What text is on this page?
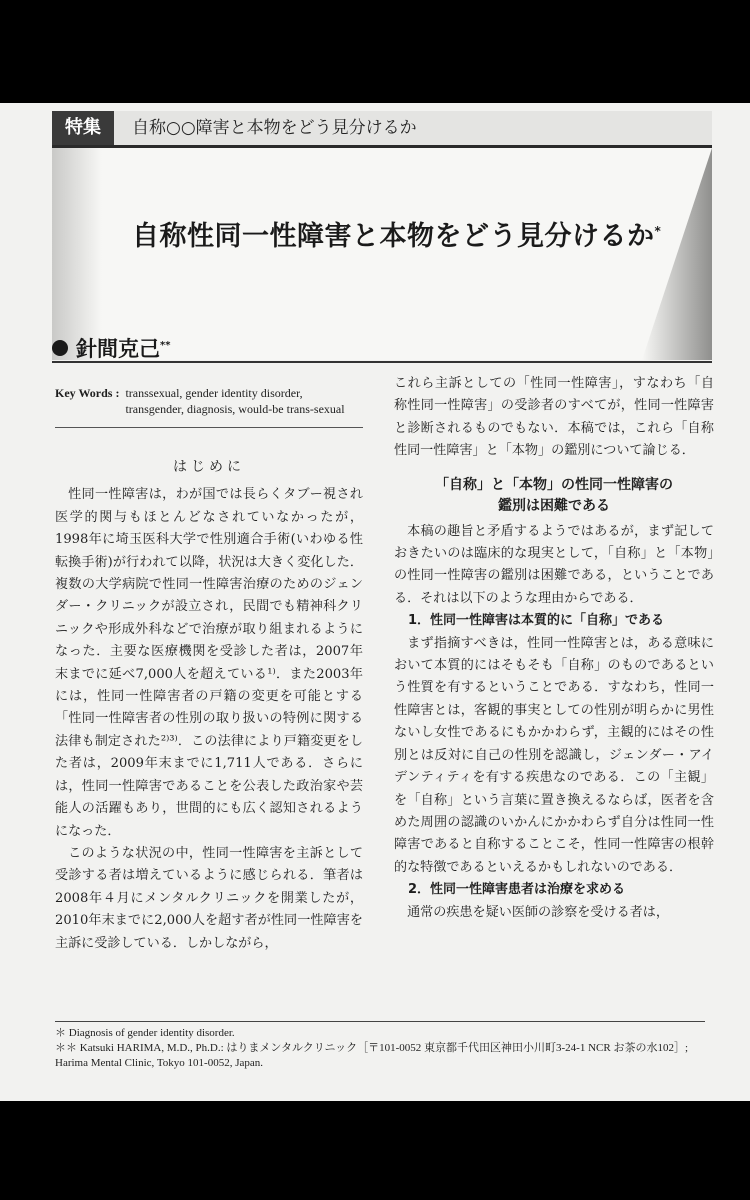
特集	自称○○障害と本物をどう見分けるか
自称性同一性障害と本物をどう見分けるか*
針間克己**
Key Words : transsexual, gender identity disorder, transgender, diagnosis, would-be trans-sexual
はじめに

性同一性障害は，わが国では長らくタブー視され医学的関与もほとんどなされていなかったが，1998年に埼玉医科大学で性別適合手術(いわゆる性転換手術)が行われて以降，状況は大きく変化した．複数の大学病院で性同一性障害治療のためのジェンダー・クリニックが設立され，民間でも精神科クリニックや形成外科などで治療が取り組まれるようになった．主要な医療機関を受診した者は，2007年末までに延べ7,000人を超えている¹⁾．また2003年には，性同一性障害者の戸籍の変更を可能とする「性同一性障害者の性別の取り扱いの特例に関する法律も制定された²⁾³⁾．この法律により戸籍変更をした者は，2009年末までに1,711人である．さらには，性同一性障害であることを公表した政治家や芸能人の活躍もあり，世間的にも広く認知されるようになった．

このような状況の中，性同一性障害を主訴として受診する者は増えているように感じられる．筆者は2008年４月にメンタルクリニックを開業したが，2010年末までに2,000人を超す者が性同一性障害を主訴に受診している．しかしながら，

これら主訴としての「性同一性障害」，すなわち「自称性同一性障害」の受診者のすべてが，性同一性障害と診断されるものでもない．本稿では，これら「自称性同一性障害」と「本物」の鑑別について論じる．

「自称」と「本物」の性同一性障害の
鑑別は困難である

本稿の趣旨と矛盾するようではあるが，まず記しておきたいのは臨床的な現実として，「自称」と「本物」の性同一性障害の鑑別は困難である，ということである．それは以下のような理由からである．

1．性同一性障害は本質的に「自称」である

まず指摘すべきは，性同一性障害とは，ある意味において本質的にはそもそも「自称」のものであるという性質を有するということである．すなわち，性同一性障害とは，客観的事実としての性別が明らかに男性ないし女性であるにもかかわらず，主観的にはその性別とは反対に自己の性別を認識し，ジェンダー・アイデンティティを有する疾患なのである．この「主観」を「自称」という言葉に置き換えるならば，医者を含めた周囲の認識のいかんにかかわらず自分は性同一性障害であると自称することこそ，性同一性障害の根幹的な特徴であるといえるかもしれないのである．

2．性同一性障害患者は治療を求める

通常の疾患を疑い医師の診察を受ける者は，

＊ Diagnosis of gender identity disorder.

＊＊ Katsuki HARIMA, M.D., Ph.D.: はりまメンタルクリニック［〒101-0052 東京都千代田区神田小川町3-24-1 NCR お茶の水102］; Harima Mental Clinic, Tokyo 101-0052, Japan.
